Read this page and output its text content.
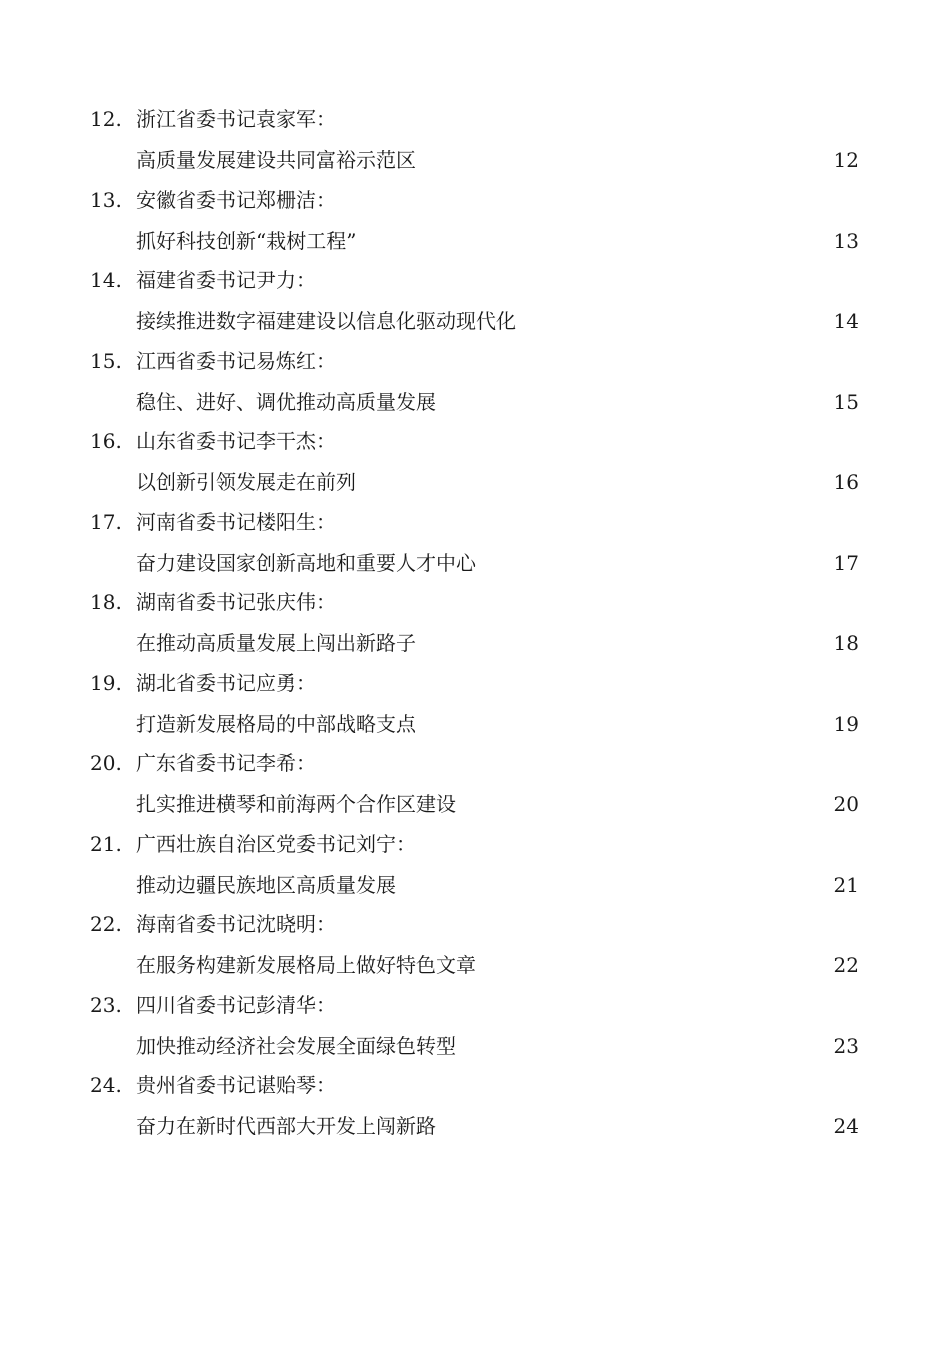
12. 浙江省委书记袁家军：
高质量发展建设共同富裕示范区	12
13. 安徽省委书记郑栅洁：
抓好科技创新“栽树工程”	13
14. 福建省委书记尹力：
接续推进数字福建建设以信息化驱动现代化	14
15. 江西省委书记易炼红：
稳住、进好、调优推动高质量发展	15
16. 山东省委书记李干杰：
以创新引领发展走在前列	16
17. 河南省委书记楼阳生：
奋力建设国家创新高地和重要人才中心	17
18. 湖南省委书记张庆伟：
在推动高质量发展上闯出新路子	18
19. 湖北省委书记应勇：
打造新发展格局的中部战略支点	19
20. 广东省委书记李希：
扎实推进横琴和前海两个合作区建设	20
21. 广西壮族自治区党委书记刘宁：
推动边疆民族地区高质量发展	21
22. 海南省委书记沈晓明：
在服务构建新发展格局上做好特色文章	22
23. 四川省委书记彭清华：
加快推动经济社会发展全面绿色转型	23
24. 贵州省委书记谌贻琴：
奋力在新时代西部大开发上闯新路	24
